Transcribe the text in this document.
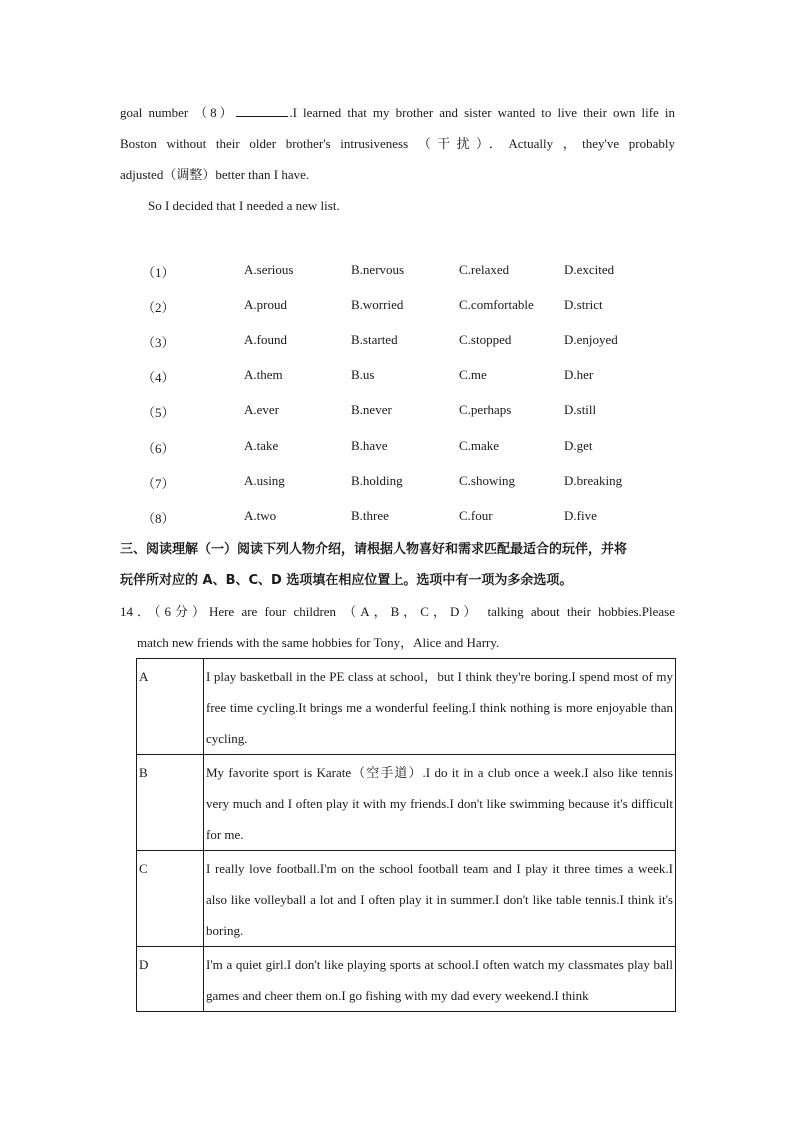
goal number （8）	.I learned that my brother and sister wanted to live their own life in
Boston without their older brother's intrusiveness （干扰）．Actually ，they've probably
adjusted（调整）better than I have.
So I decided that I needed a new list.
（1）	A.serious	B.nervous	C.relaxed	D.excited
（2）	A.proud	B.worried	C.comfortable D.strict
（3）	A.found	B.started	C.stopped	D.enjoyed
（4）	A.them	B.us	C.me	D.her
（5）	A.ever	B.never	C.perhaps	D.still
（6）	A.take	B.have	C.make	D.get
（7）	A.using	B.holding	C.showing	D.breaking
（8）	A.two	B.three	C.four	D.five
三、阅读理解（一）阅读下列人物介绍，请根据人物喜好和需求匹配最适合的玩伴，并将
玩伴所对应的 A、B、C、D 选项填在相应位置上。选项中有一项为多余选项。
14．（6分）Here are four children （A，B，C，D） talking about their hobbies.Please
match new friends with the same hobbies for Tony，Alice and Harry.
A	I play basketball in the PE class at school，but I think they're boring.I spend most of my free time cycling.It brings me a wonderful feeling.I think nothing is more enjoyable than cycling.
B	My favorite sport is Karate（空手道）.I do it in a club once a week.I also like tennis very much and I often play it with my friends.I don't like swimming because it's difficult for me.
C	I really love football.I'm on the school football team and I play it three times a week.I also like volleyball a lot and I often play it in summer.I don't like table tennis.I think it's boring.
D	I'm a quiet girl.I don't like playing sports at school.I often watch my classmates play ball games and cheer them on.I go fishing with my dad every weekend.I think
